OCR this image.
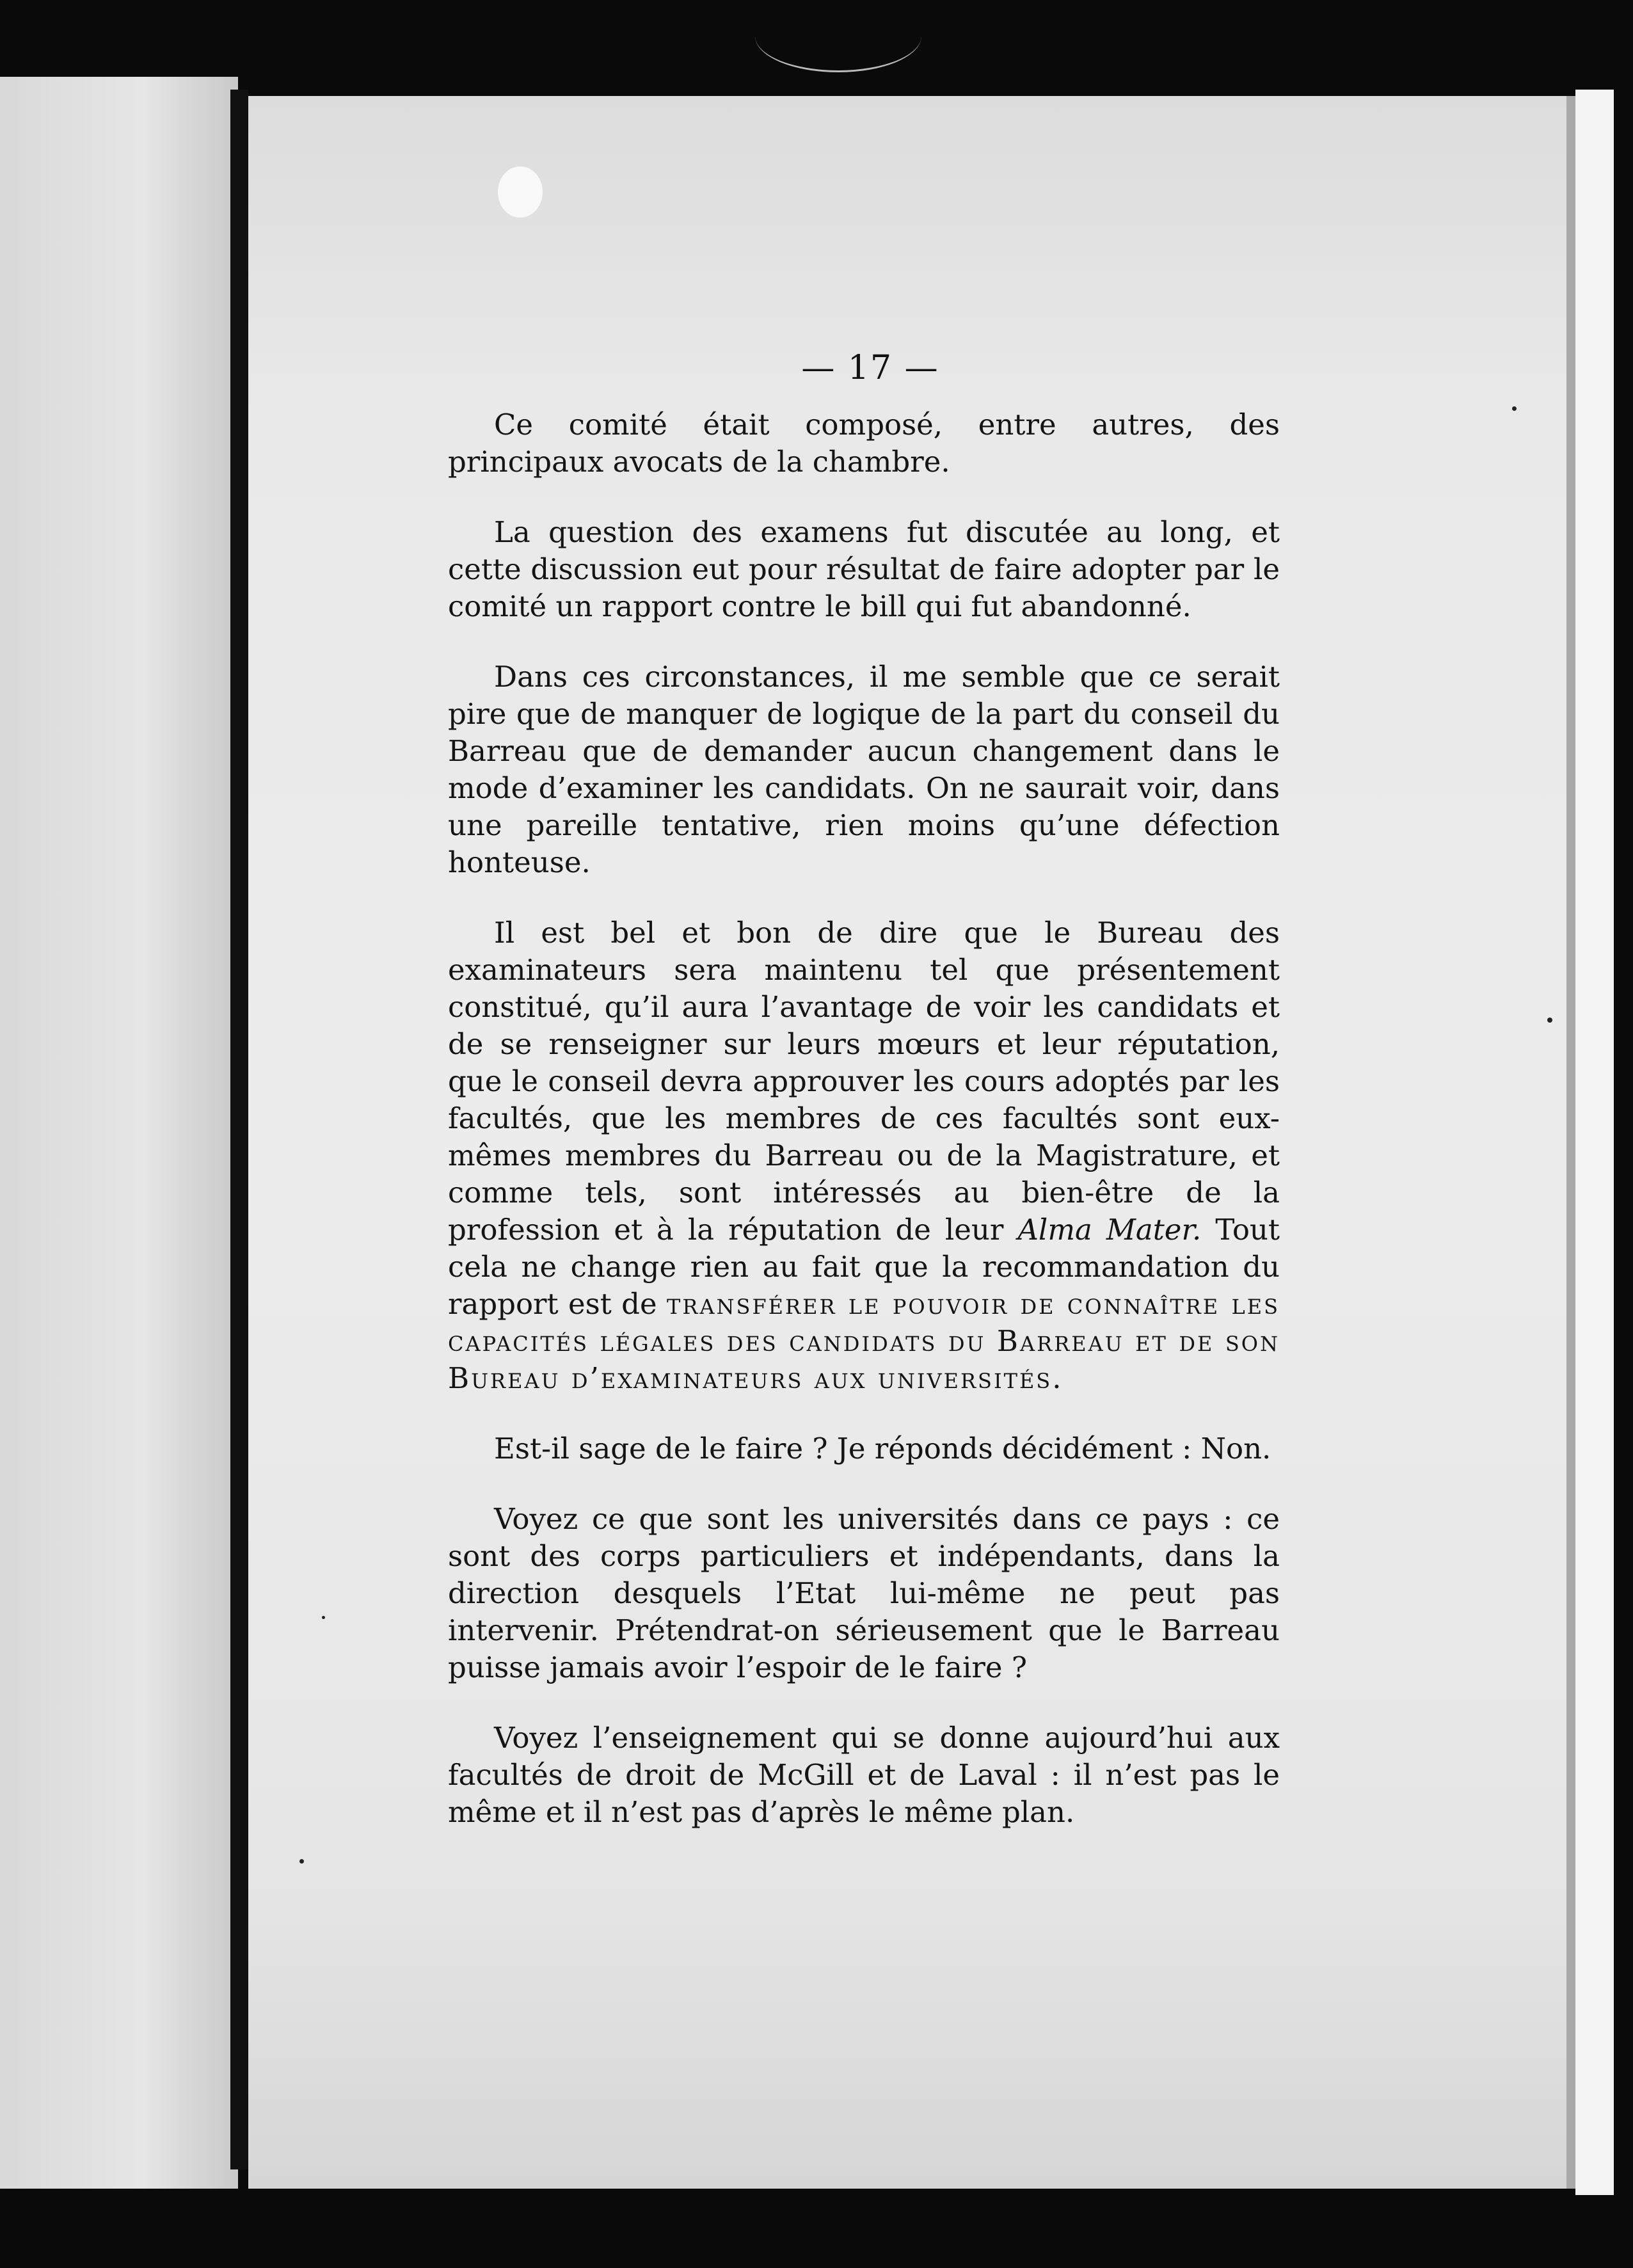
— 17 —

Ce comité était composé, entre autres, des principaux avocats de la chambre.

La question des examens fut discutée au long, et cette discussion eut pour résultat de faire adopter par le comité un rapport contre le bill qui fut abandonné.

Dans ces circonstances, il me semble que ce serait pire que de manquer de logique de la part du conseil du Barreau que de demander aucun changement dans le mode d’examiner les candidats. On ne saurait voir, dans une pareille tentative, rien moins qu’une défection honteuse.

Il est bel et bon de dire que le Bureau des examinateurs sera maintenu tel que présentement constitué, qu’il aura l’avantage de voir les candidats et de se renseigner sur leurs mœurs et leur réputation, que le conseil devra approuver les cours adoptés par les facultés, que les membres de ces facultés sont eux-mêmes membres du Barreau ou de la Magistrature, et comme tels, sont intéressés au bien-être de la profession et à la réputation de leur Alma Mater. Tout cela ne change rien au fait que la recommandation du rapport est de transférer le pouvoir de connaître les capacités légales des candidats du Barreau et de son Bureau d’examinateurs aux universités.

Est-il sage de le faire ? Je réponds décidément : Non.

Voyez ce que sont les universités dans ce pays : ce sont des corps particuliers et indépendants, dans la direction desquels l’Etat lui-même ne peut pas intervenir. Prétendrat-on sérieusement que le Barreau puisse jamais avoir l’espoir de le faire ?

Voyez l’enseignement qui se donne aujourd’hui aux facultés de droit de McGill et de Laval : il n’est pas le même et il n’est pas d’après le même plan.
